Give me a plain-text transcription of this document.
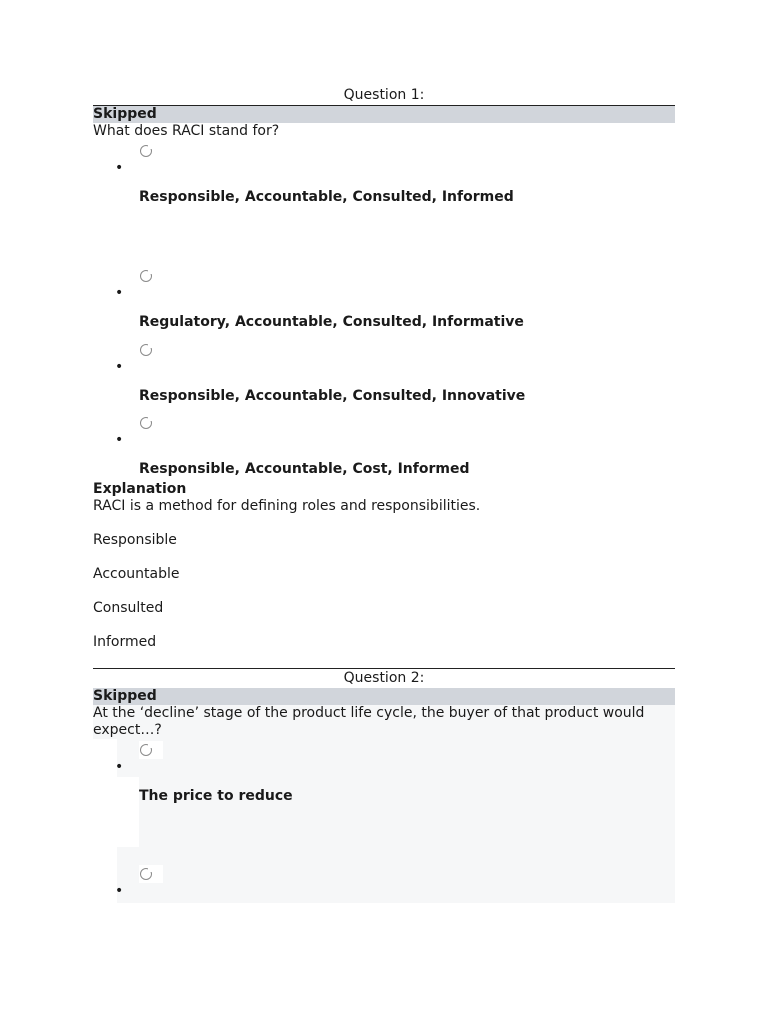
Question 1:
Skipped
What does RACI stand for?
•
Responsible, Accountable, Consulted, Informed
•
Regulatory, Accountable, Consulted, Informative
•
Responsible, Accountable, Consulted, Innovative
•
Responsible, Accountable, Cost, Informed
Explanation
RACI is a method for defining roles and responsibilities.
Responsible
Accountable
Consulted
Informed
Question 2:
Skipped
At the ‘decline’ stage of the product life cycle, the buyer of that product would expect…?
•
The price to reduce
•
